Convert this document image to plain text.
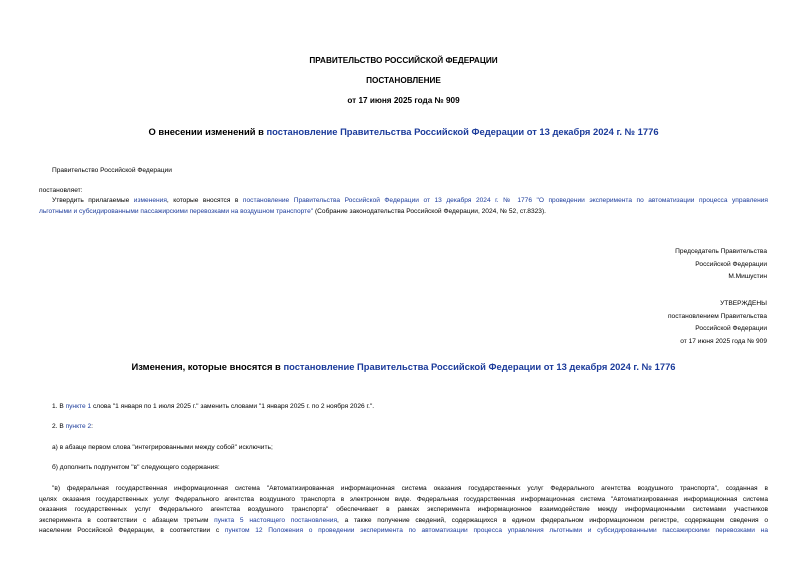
ПРАВИТЕЛЬСТВО РОССИЙСКОЙ ФЕДЕРАЦИИ
ПОСТАНОВЛЕНИЕ
от 17 июня 2025 года № 909
О внесении изменений в постановление Правительства Российской Федерации от 13 декабря 2024 г. № 1776
Правительство Российской Федерации
постановляет:
Утвердить прилагаемые изменения, которые вносятся в постановление Правительства Российской Федерации от 13 декабря 2024 г. № 1776 "О проведении эксперимента по автоматизации процесса управления
льготными и субсидированными пассажирскими перевозками на воздушном транспорте" (Собрание законодательства Российской Федерации, 2024, № 52, ст.8323).
Председатель Правительства
Российской Федерации
М.Мишустин
УТВЕРЖДЕНЫ
постановлением Правительства
Российской Федерации
от 17 июня 2025 года № 909
Изменения, которые вносятся в постановление Правительства Российской Федерации от 13 декабря 2024 г. № 1776
1. В пункте 1 слова "1 января по 1 июля 2025 г." заменить словами "1 января 2025 г. по 2 ноября 2026 г.".
2. В пункте 2:
а) в абзаце первом слова "интегрированными между собой" исключить;
б) дополнить подпунктом "в" следующего содержания:
"в) федеральная государственная информационная система "Автоматизированная информационная система оказания государственных услуг Федерального агентства воздушного транспорта", созданная в
целях оказания государственных услуг Федерального агентства воздушного транспорта в электронном виде. Федеральная государственная информационная система "Автоматизированная информационная система
оказания государственных услуг Федерального агентства воздушного транспорта" обеспечивает в рамках эксперимента информационное взаимодействие между информационными системами участников
эксперимента в соответствии с абзацем третьим пункта 5 настоящего постановления, а также получение сведений, содержащихся в едином федеральном информационном регистре, содержащем сведения о
населении Российской Федерации, в соответствии с пунктом 12 Положения о проведении эксперимента по автоматизации процесса управления льготными и субсидированными пассажирскими перевозками на
